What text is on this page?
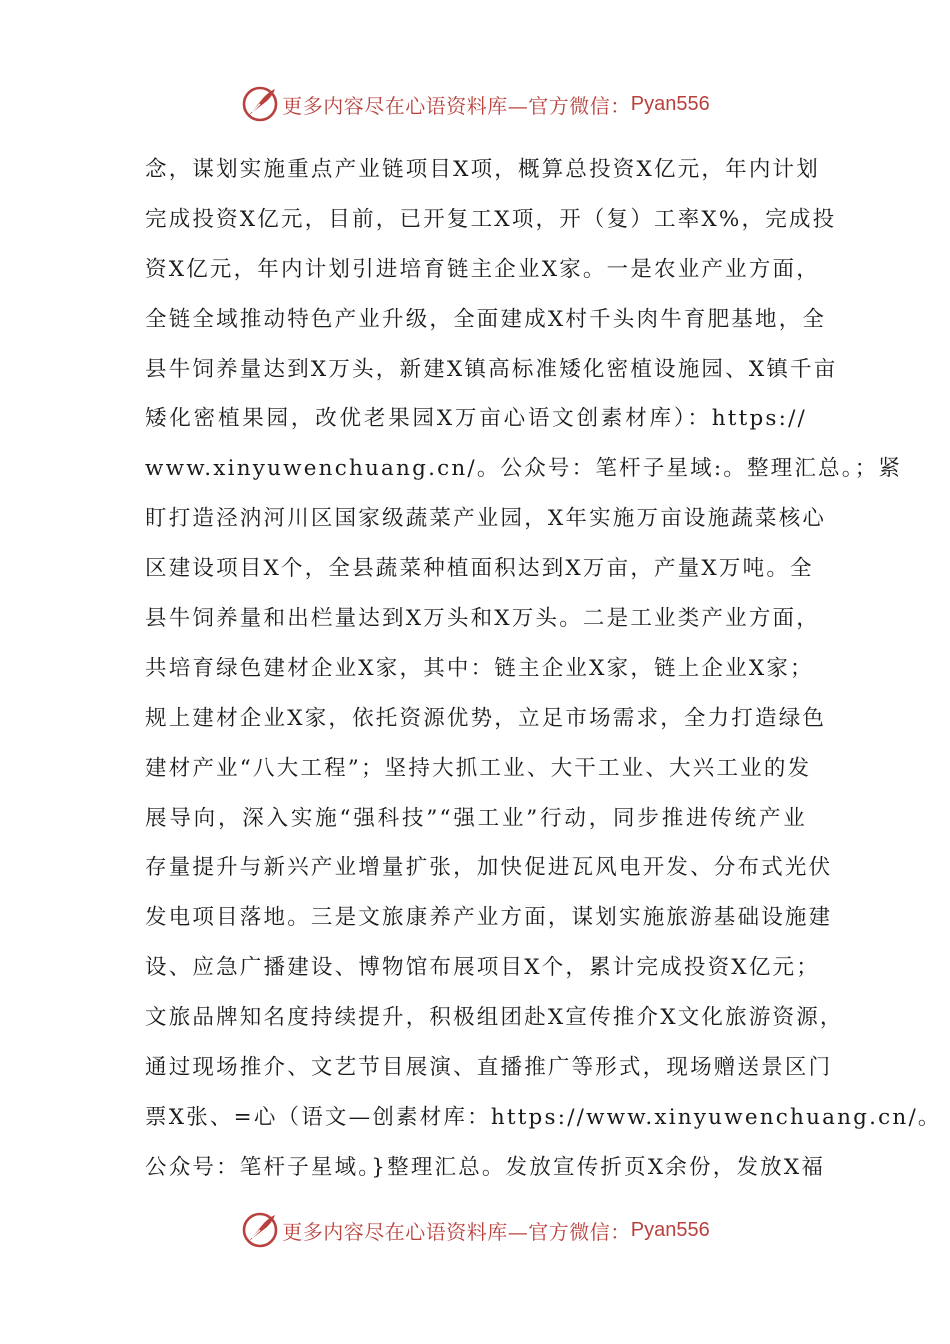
更多内容尽在心语资料库—官方微信： Pyan556
念，谋划实施重点产业链项目X项，概算总投资X亿元，年内计划
完成投资X亿元，目前，已开复工X项，开（复）工率X%，完成投
资X亿元，年内计划引进培育链主企业X家。一是农业产业方面，
全链全域推动特色产业升级，全面建成X村千头肉牛育肥基地，全
县牛饲养量达到X万头，新建X镇高标准矮化密植设施园、X镇千亩
矮化密植果园，改优老果园X万亩心语文创素材库）：https://
www.xinyuwenchuang.cn/。公众号：笔杆子星域:。整理汇总。；紧
盯打造泾汭河川区国家级蔬菜产业园，X年实施万亩设施蔬菜核心
区建设项目X个，全县蔬菜种植面积达到X万亩，产量X万吨。全
县牛饲养量和出栏量达到X万头和X万头。二是工业类产业方面，
共培育绿色建材企业X家，其中：链主企业X家，链上企业X家；
规上建材企业X家，依托资源优势，立足市场需求，全力打造绿色
建材产业“八大工程”；坚持大抓工业、大干工业、大兴工业的发
展导向，深入实施“强科技”“强工业”行动，同步推进传统产业
存量提升与新兴产业增量扩张，加快促进瓦风电开发、分布式光伏
发电项目落地。三是文旅康养产业方面，谋划实施旅游基础设施建
设、应急广播建设、博物馆布展项目X个，累计完成投资X亿元；
文旅品牌知名度持续提升，积极组团赴X宣传推介X文化旅游资源，
通过现场推介、文艺节目展演、直播推广等形式，现场赠送景区门
票X张、=心（语文—创素材库：https://www.xinyuwenchuang.cn/。
公众号：笔杆子星域。}整理汇总。发放宣传折页X余份，发放X福
更多内容尽在心语资料库—官方微信： Pyan556
